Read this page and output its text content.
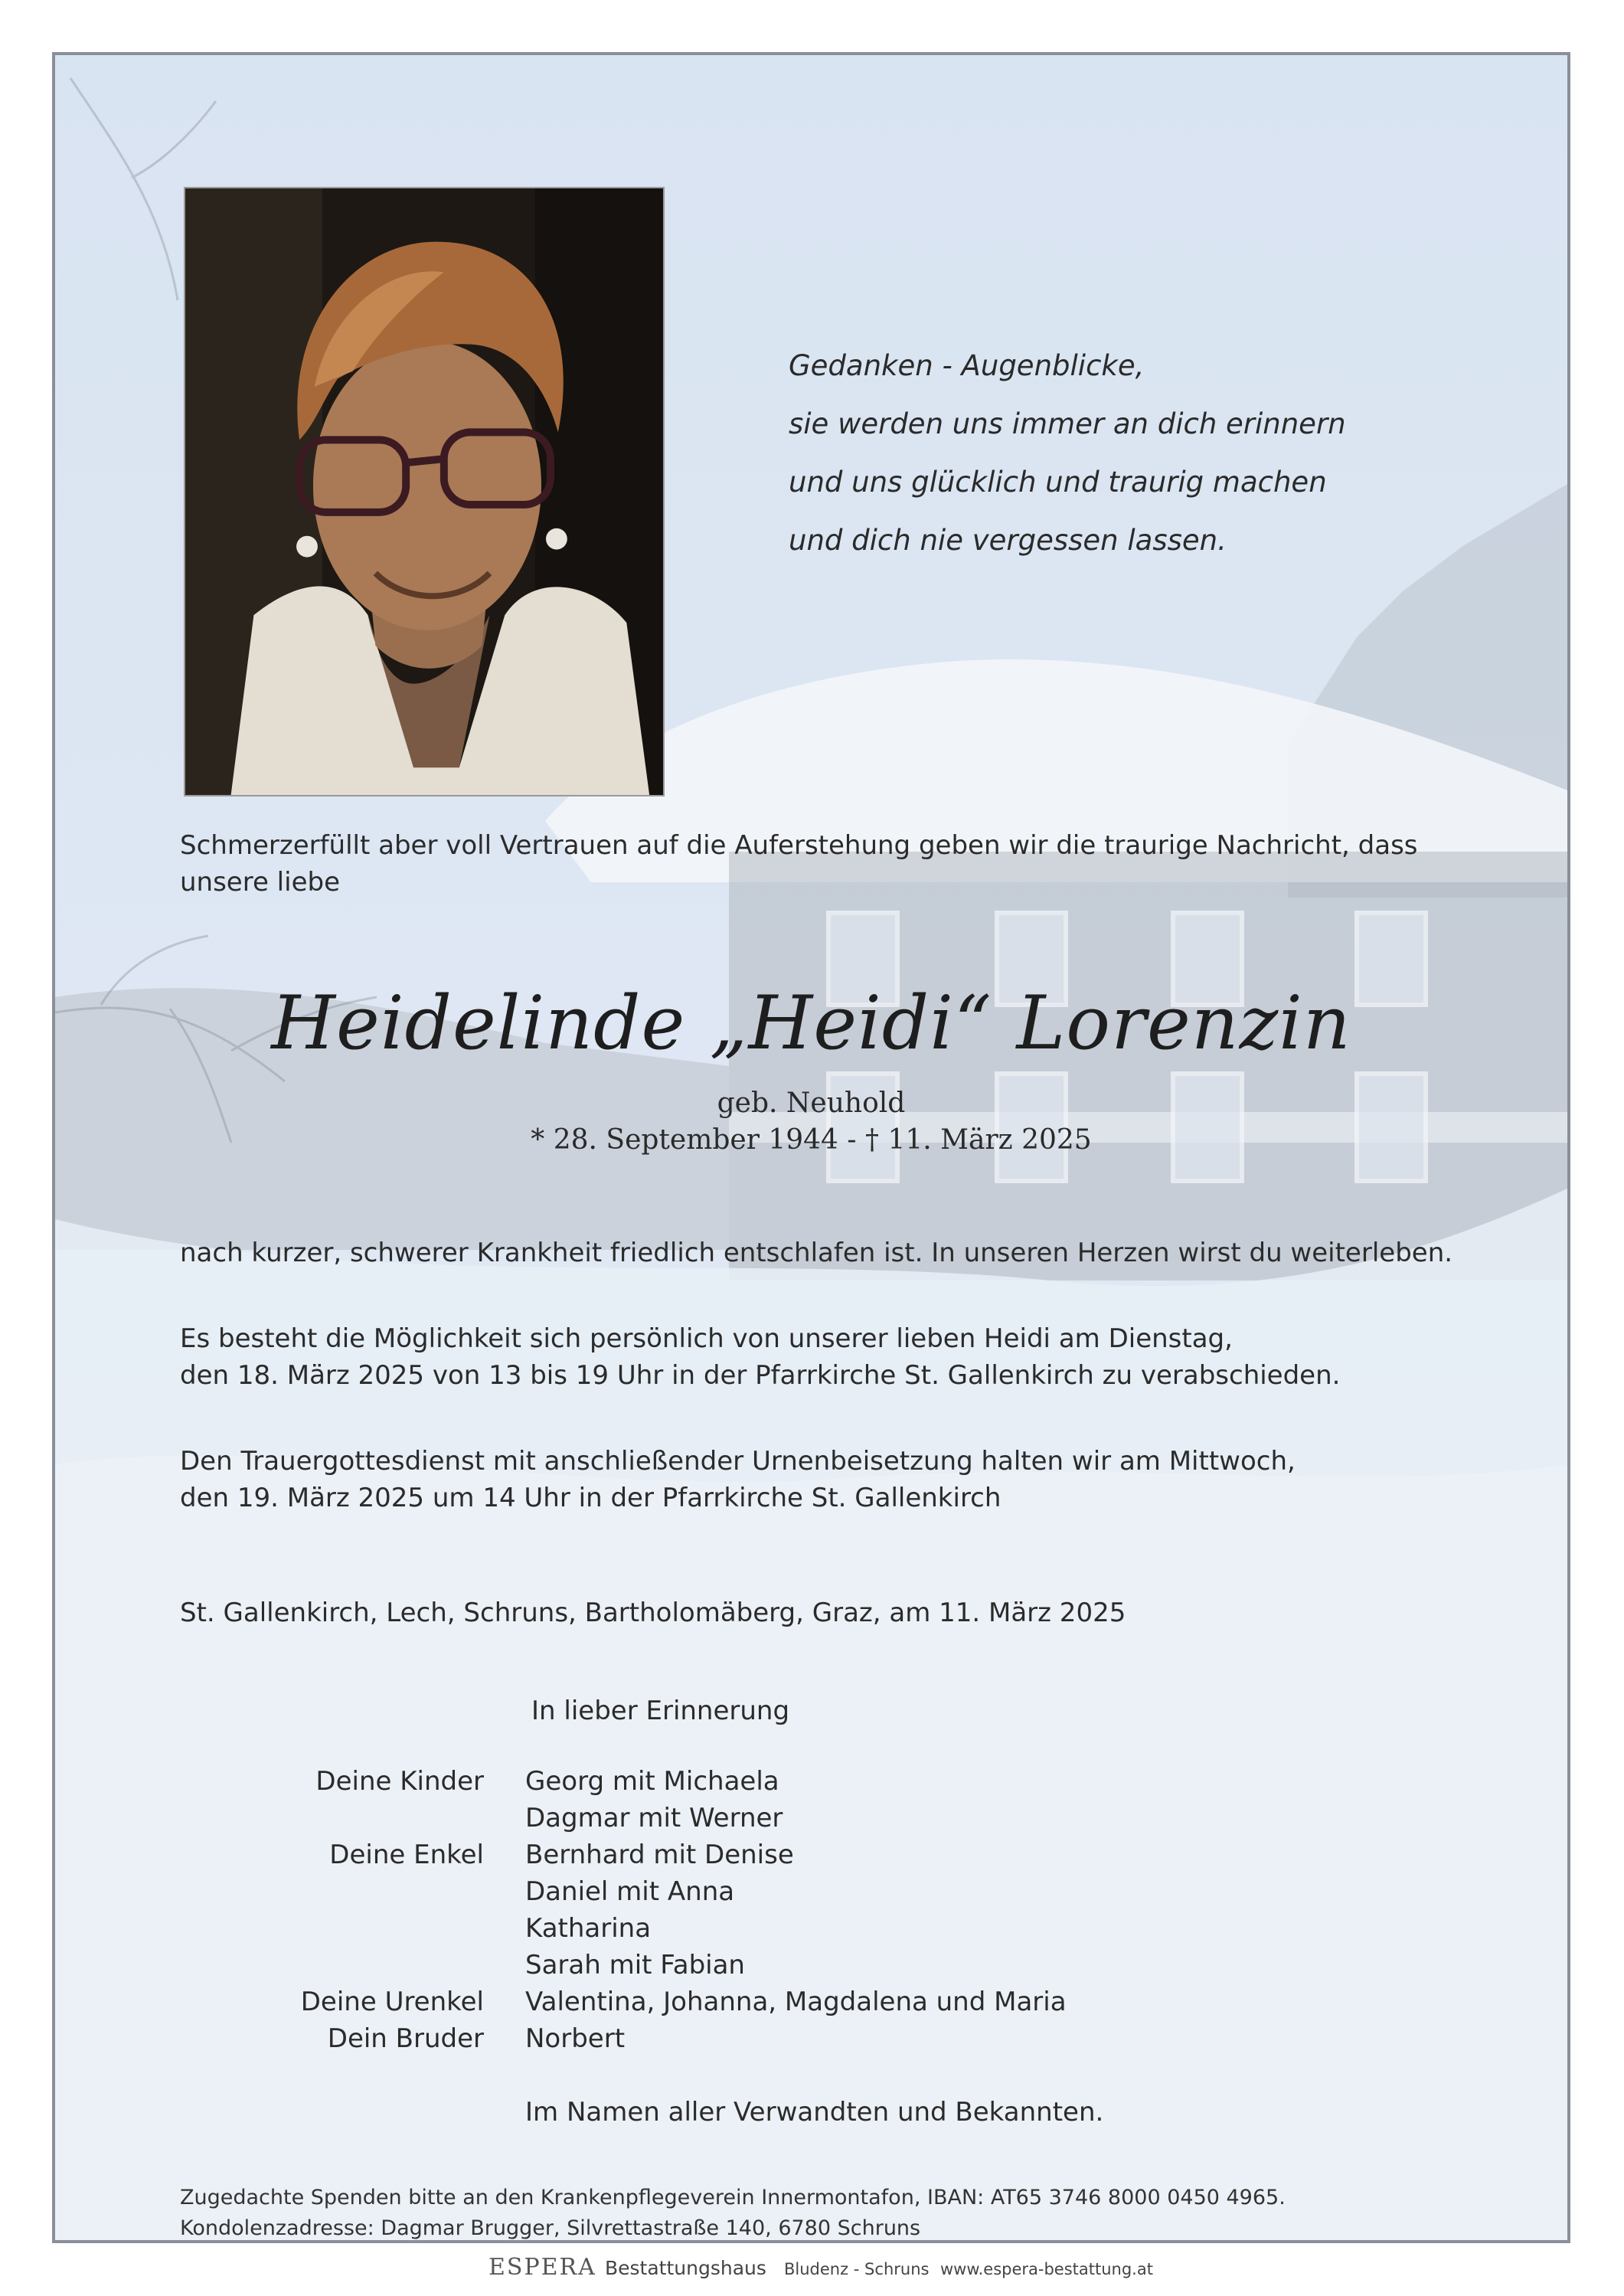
Gedanken - Augenblicke,
sie werden uns immer an dich erinnern
und uns glücklich und traurig machen
und dich nie vergessen lassen.
Schmerzerfüllt aber voll Vertrauen auf die Auferstehung geben wir die traurige Nachricht, dass
unsere liebe
Heidelinde „Heidi“ Lorenzin
geb. Neuhold
* 28. September 1944 - † 11. März 2025
nach kurzer, schwerer Krankheit friedlich entschlafen ist. In unseren Herzen wirst du weiterleben.
Es besteht die Möglichkeit sich persönlich von unserer lieben Heidi am Dienstag,
den 18. März 2025 von 13 bis 19 Uhr in der Pfarrkirche St. Gallenkirch zu verabschieden.
Den Trauergottesdienst mit anschließender Urnenbeisetzung halten wir am Mittwoch,
den 19. März 2025 um 14 Uhr in der Pfarrkirche St. Gallenkirch
St. Gallenkirch, Lech, Schruns, Bartholomäberg, Graz, am 11. März 2025
In lieber Erinnerung
Deine Kinder Georg mit Michaela
Dagmar mit Werner
Deine Enkel Bernhard mit Denise
Daniel mit Anna
Katharina
Sarah mit Fabian
Deine Urenkel Valentina, Johanna, Magdalena und Maria
Dein Bruder Norbert
Im Namen aller Verwandten und Bekannten.
Zugedachte Spenden bitte an den Krankenpflegeverein Innermontafon, IBAN: AT65 3746 8000 0450 4965.
Kondolenzadresse: Dagmar Brugger, Silvrettastraße 140, 6780 Schruns
ESPERA Bestattungshaus Bludenz - Schruns www.espera-bestattung.at
